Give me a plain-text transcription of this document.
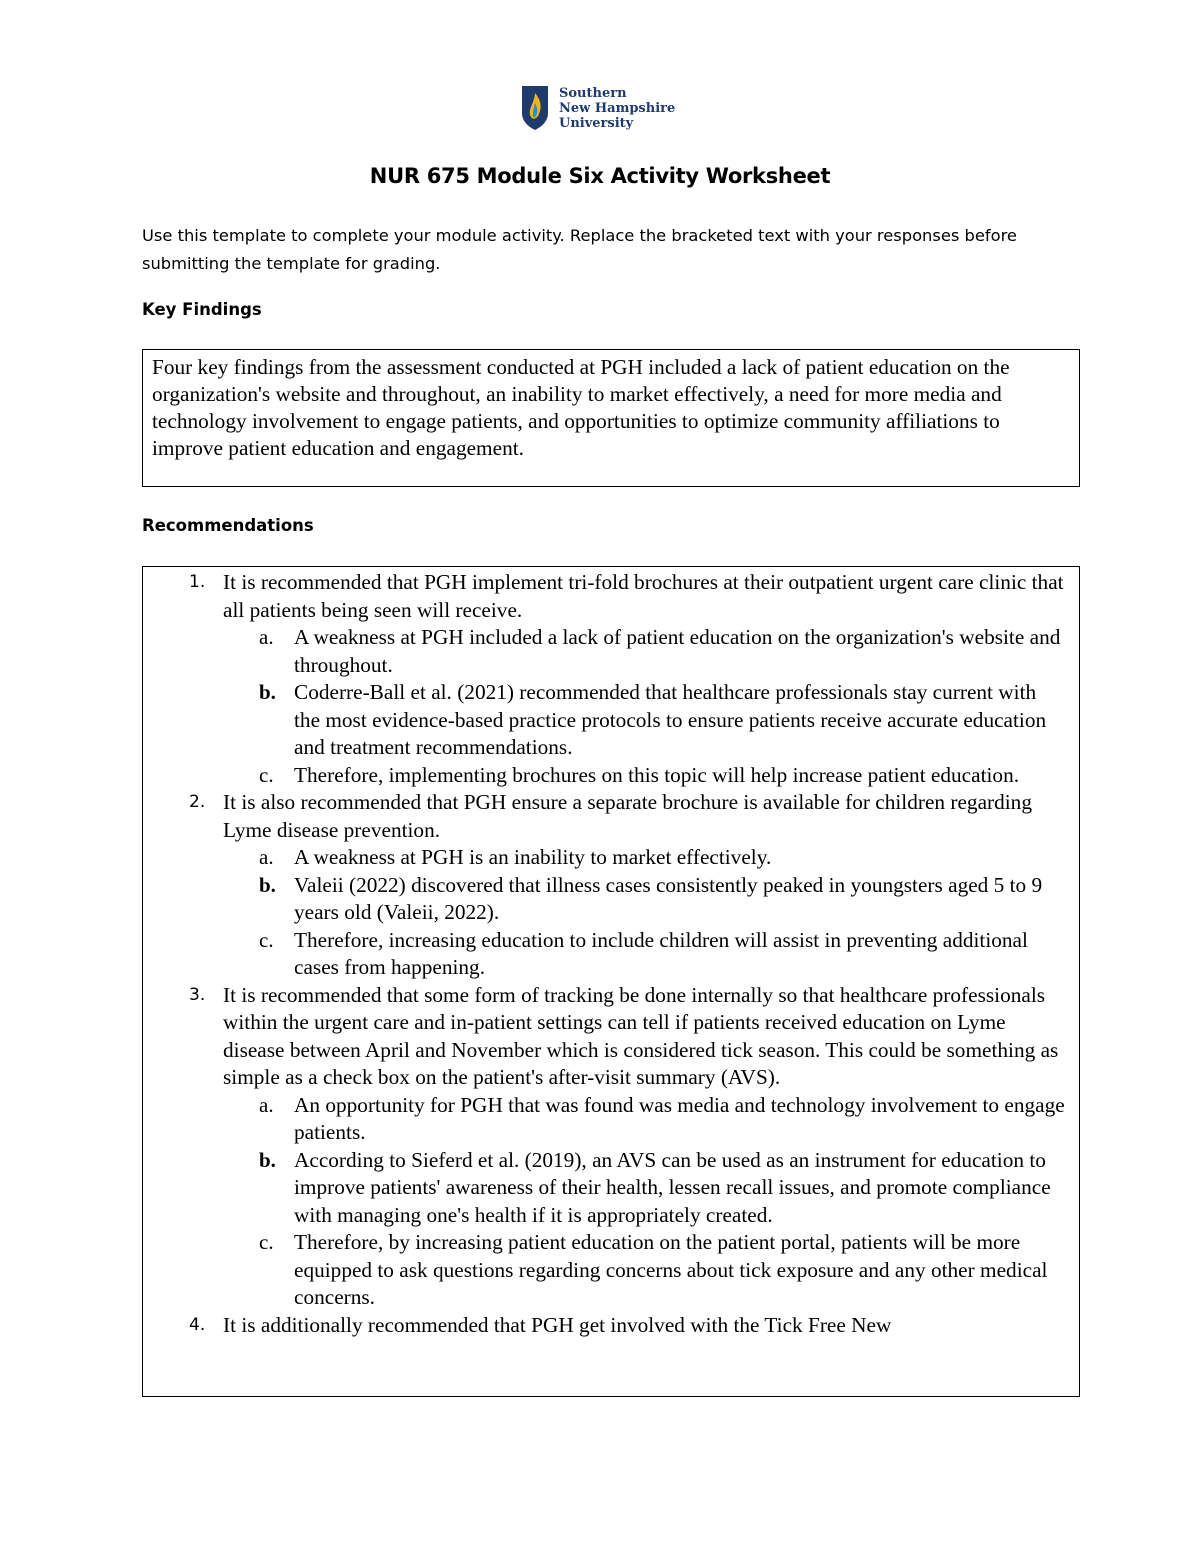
Southern
New Hampshire
University
NUR 675 Module Six Activity Worksheet
Use this template to complete your module activity. Replace the bracketed text with your responses before submitting the template for grading.
Key Findings
Four key findings from the assessment conducted at PGH included a lack of patient education on the organization's website and throughout, an inability to market effectively, a need for more media and technology involvement to engage patients, and opportunities to optimize community affiliations to improve patient education and engagement.
Recommendations
1. It is recommended that PGH implement tri-fold brochures at their outpatient urgent care clinic that all patients being seen will receive.
a. A weakness at PGH included a lack of patient education on the organization's website and throughout.
b. Coderre-Ball et al. (2021) recommended that healthcare professionals stay current with the most evidence-based practice protocols to ensure patients receive accurate education and treatment recommendations.
c. Therefore, implementing brochures on this topic will help increase patient education.
2. It is also recommended that PGH ensure a separate brochure is available for children regarding Lyme disease prevention.
a. A weakness at PGH is an inability to market effectively.
b. Valeii (2022) discovered that illness cases consistently peaked in youngsters aged 5 to 9 years old (Valeii, 2022).
c. Therefore, increasing education to include children will assist in preventing additional cases from happening.
3. It is recommended that some form of tracking be done internally so that healthcare professionals within the urgent care and in-patient settings can tell if patients received education on Lyme disease between April and November which is considered tick season. This could be something as simple as a check box on the patient's after-visit summary (AVS).
a. An opportunity for PGH that was found was media and technology involvement to engage patients.
b. According to Sieferd et al. (2019), an AVS can be used as an instrument for education to improve patients' awareness of their health, lessen recall issues, and promote compliance with managing one's health if it is appropriately created.
c. Therefore, by increasing patient education on the patient portal, patients will be more equipped to ask questions regarding concerns about tick exposure and any other medical concerns.
4. It is additionally recommended that PGH get involved with the Tick Free New
